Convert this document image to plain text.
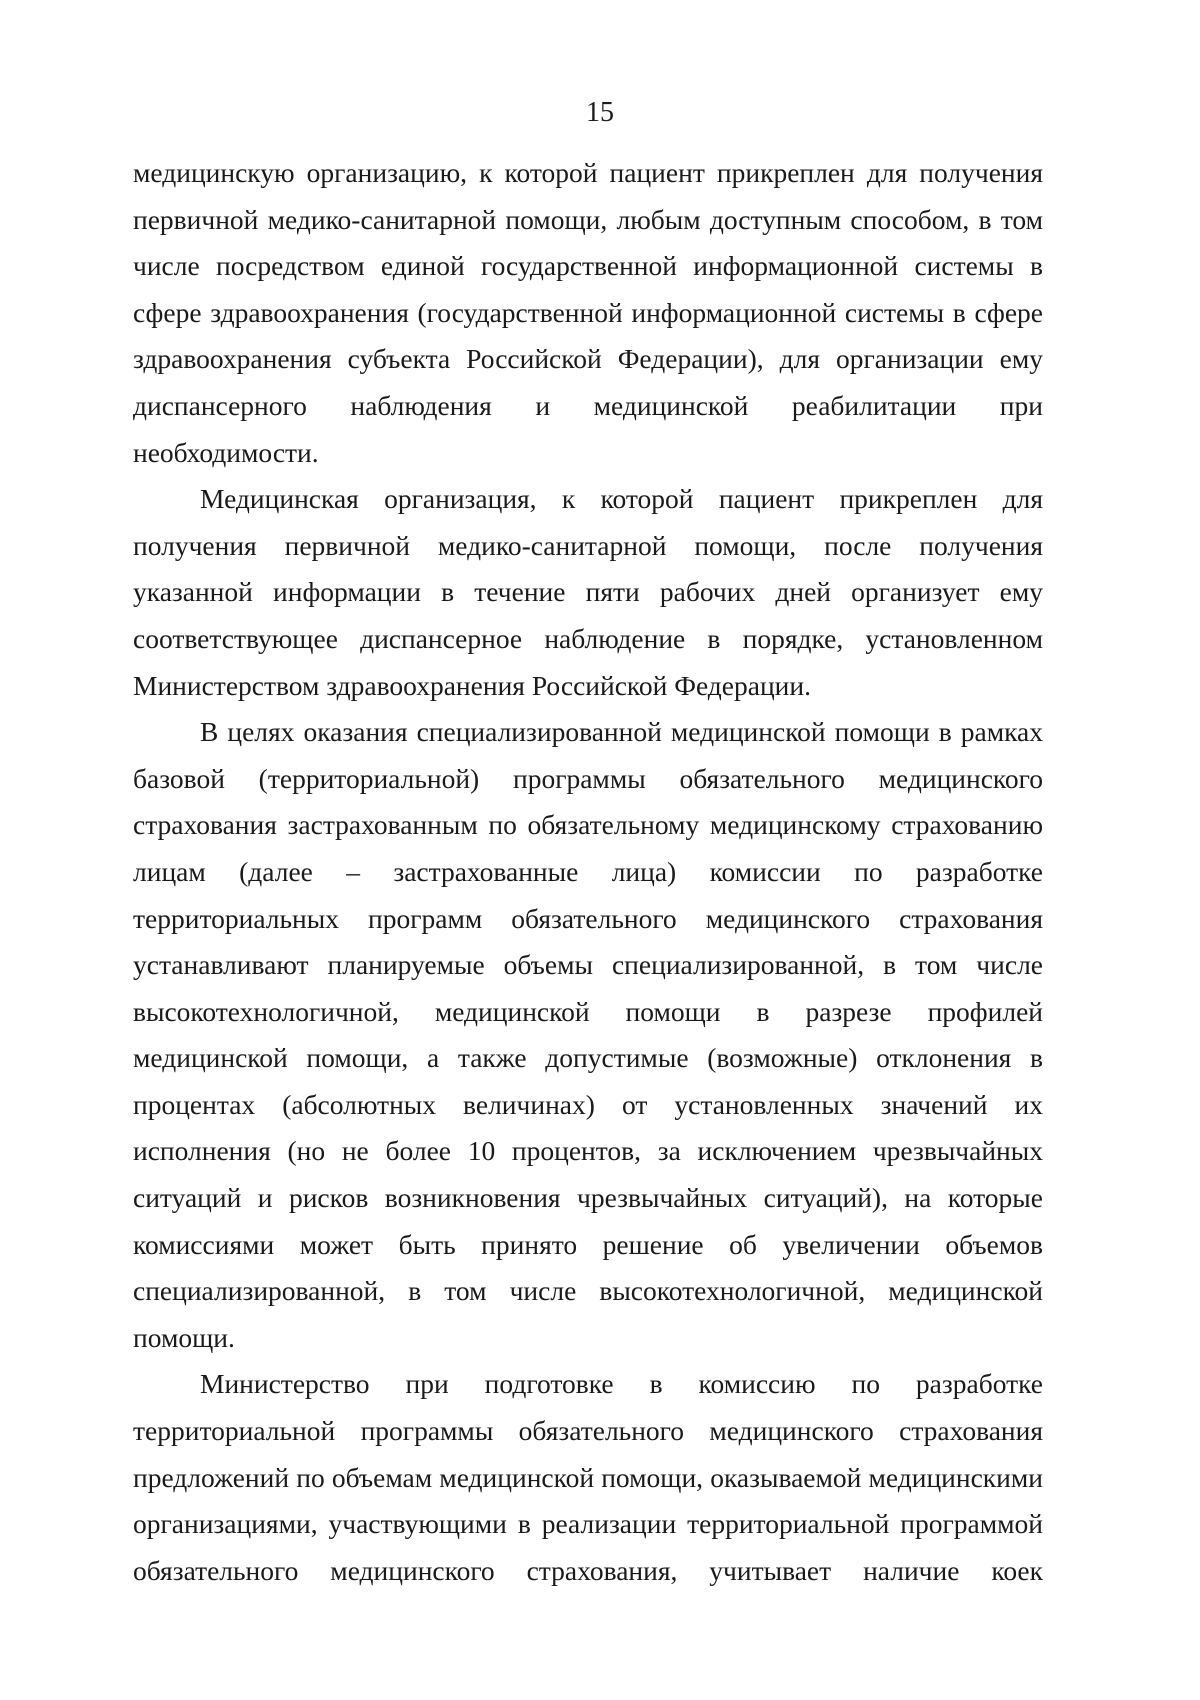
15

медицинскую организацию, к которой пациент прикреплен для получения первичной медико-санитарной помощи, любым доступным способом, в том числе посредством единой государственной информационной системы в сфере здравоохранения (государственной информационной системы в сфере здравоохранения субъекта Российской Федерации), для организации ему диспансерного наблюдения и медицинской реабилитации при необходимости.

Медицинская организация, к которой пациент прикреплен для получения первичной медико-санитарной помощи, после получения указанной информации в течение пяти рабочих дней организует ему соответствующее диспансерное наблюдение в порядке, установленном Министерством здравоохранения Российской Федерации.

В целях оказания специализированной медицинской помощи в рамках базовой (территориальной) программы обязательного медицинского страхования застрахованным по обязательному медицинскому страхованию лицам (далее – застрахованные лица) комиссии по разработке территориальных программ обязательного медицинского страхования устанавливают планируемые объемы специализированной, в том числе высокотехнологичной, медицинской помощи в разрезе профилей медицинской помощи, а также допустимые (возможные) отклонения в процентах (абсолютных величинах) от установленных значений их исполнения (но не более 10 процентов, за исключением чрезвычайных ситуаций и рисков возникновения чрезвычайных ситуаций), на которые комиссиями может быть принято решение об увеличении объемов специализированной, в том числе высокотехнологичной, медицинской помощи.

Министерство при подготовке в комиссию по разработке территориальной программы обязательного медицинского страхования предложений по объемам медицинской помощи, оказываемой медицинскими организациями, участвующими в реализации территориальной программой обязательного медицинского страхования, учитывает наличие коек
